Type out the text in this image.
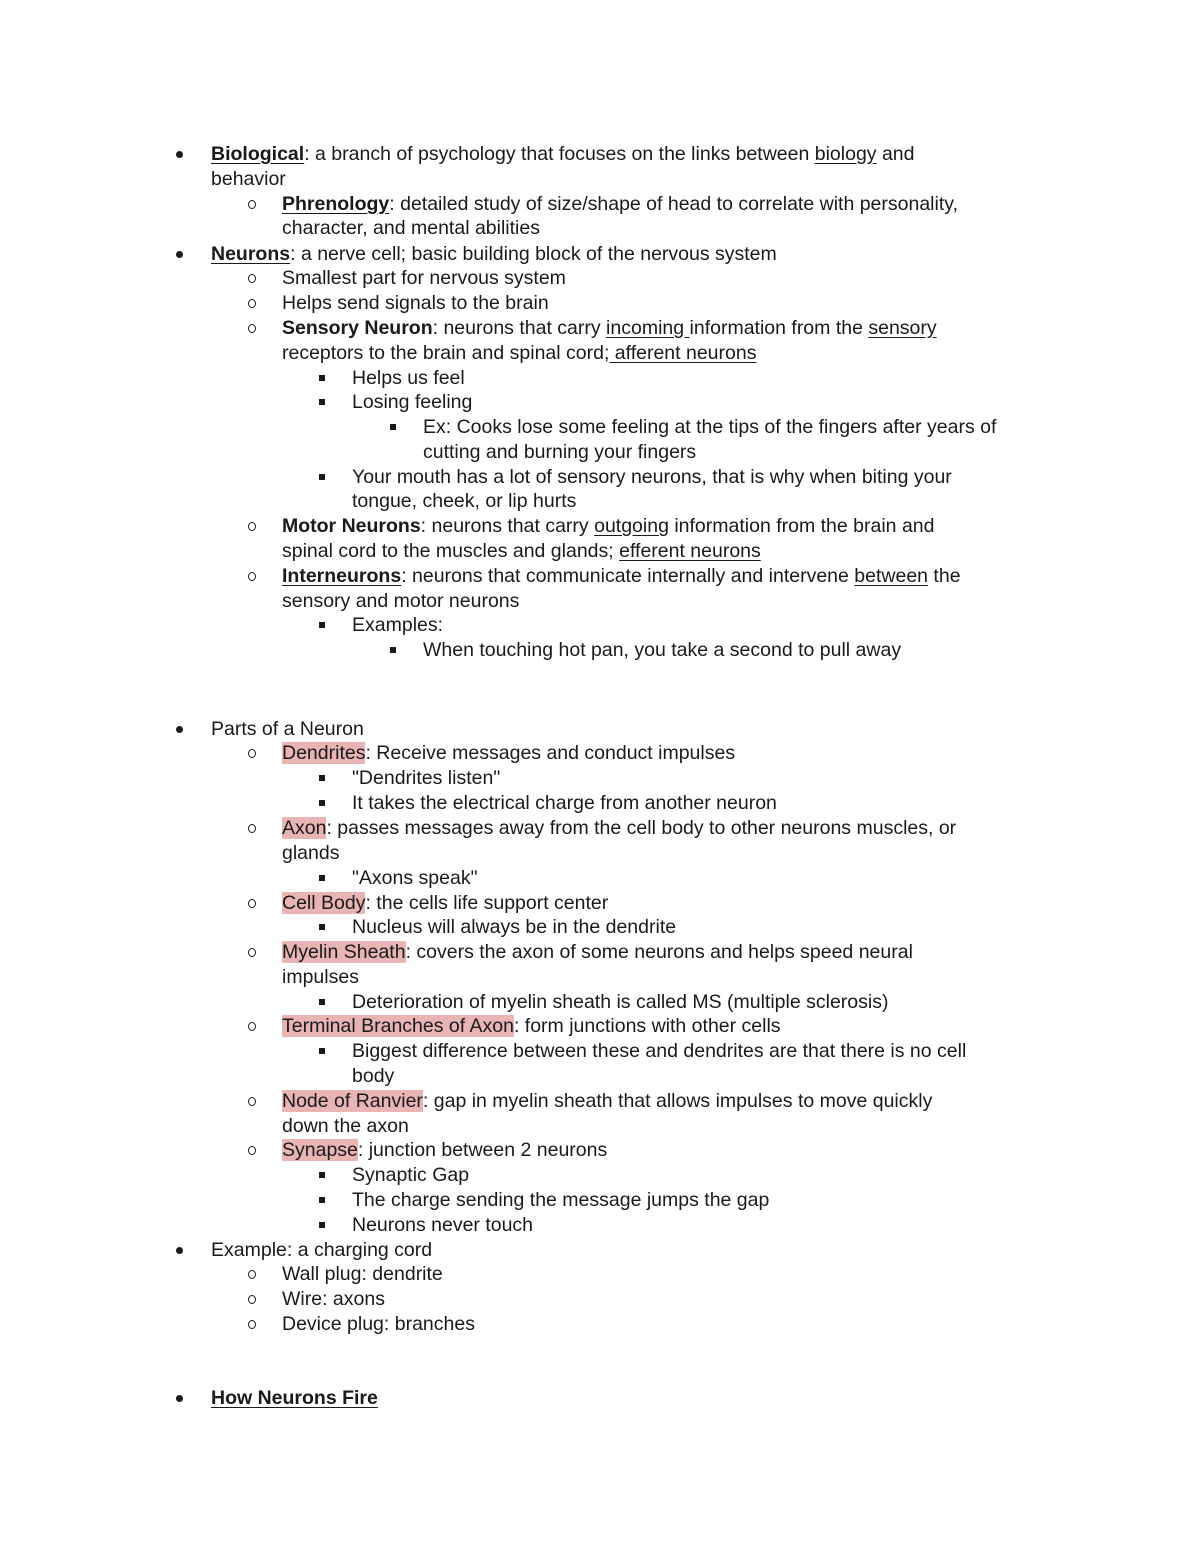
Biological: a branch of psychology that focuses on the links between biology and
behavior
Phrenology: detailed study of size/shape of head to correlate with personality,
character, and mental abilities
Neurons: a nerve cell; basic building block of the nervous system
Smallest part for nervous system
Helps send signals to the brain
Sensory Neuron: neurons that carry incoming information from the sensory
receptors to the brain and spinal cord; afferent neurons
Helps us feel
Losing feeling
Ex: Cooks lose some feeling at the tips of the fingers after years of
cutting and burning your fingers
Your mouth has a lot of sensory neurons, that is why when biting your
tongue, cheek, or lip hurts
Motor Neurons: neurons that carry outgoing information from the brain and
spinal cord to the muscles and glands; efferent neurons
Interneurons: neurons that communicate internally and intervene between the
sensory and motor neurons
Examples:
When touching hot pan, you take a second to pull away
Parts of a Neuron
Dendrites: Receive messages and conduct impulses
"Dendrites listen"
It takes the electrical charge from another neuron
Axon: passes messages away from the cell body to other neurons muscles, or
glands
"Axons speak"
Cell Body: the cells life support center
Nucleus will always be in the dendrite
Myelin Sheath: covers the axon of some neurons and helps speed neural
impulses
Deterioration of myelin sheath is called MS (multiple sclerosis)
Terminal Branches of Axon: form junctions with other cells
Biggest difference between these and dendrites are that there is no cell
body
Node of Ranvier: gap in myelin sheath that allows impulses to move quickly
down the axon
Synapse: junction between 2 neurons
Synaptic Gap
The charge sending the message jumps the gap
Neurons never touch
Example: a charging cord
Wall plug: dendrite
Wire: axons
Device plug: branches
How Neurons Fire
